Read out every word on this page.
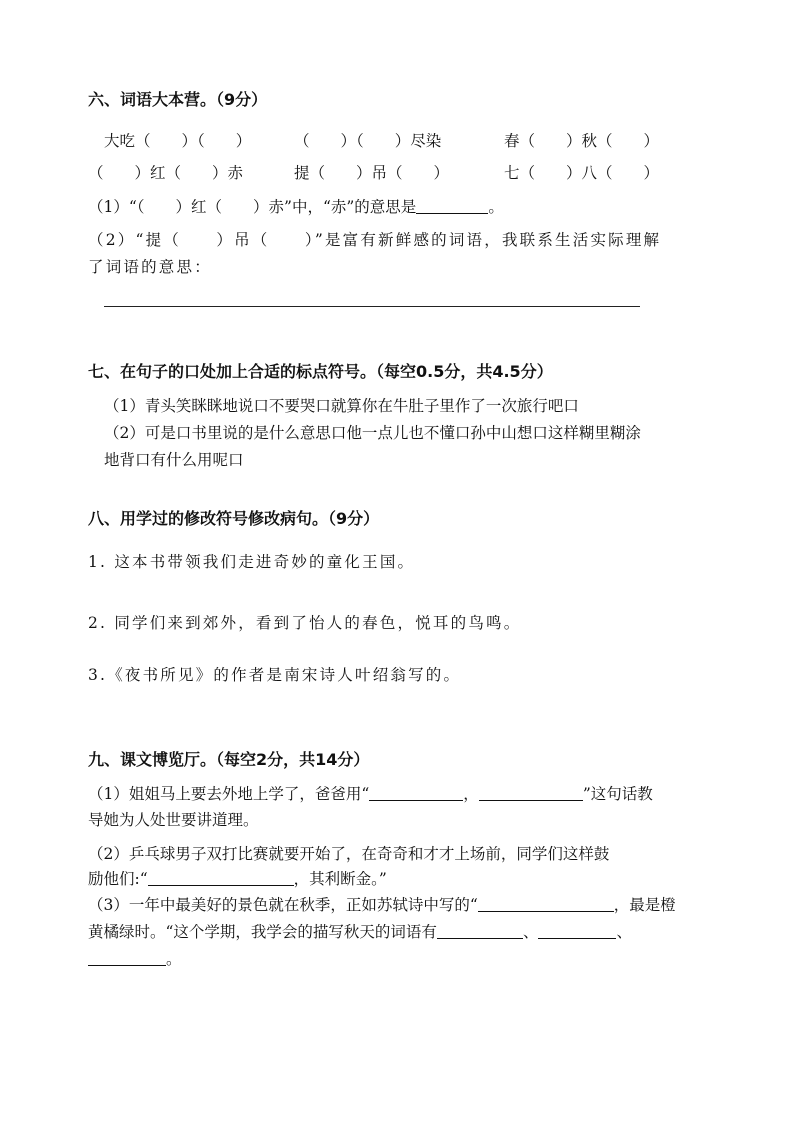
六、词语大本营。（9分）
大吃（　　）（　　）	（　　）（　　）尽染	春（　　）秋（　　）
（　　）红（　　）赤	提（　　）吊（　　）	七（　　）八（　　）
（1）“（　　）红（　　）赤”中，“赤”的意思是	。
（2）“提（　　）吊（　　）”是富有新鲜感的词语，我联系生活实际理解
了词语的意思：
七、在句子的口处加上合适的标点符号。（每空0.5分，共4.5分）
（1）青头笑眯眯地说口不要哭口就算你在牛肚子里作了一次旅行吧口
（2）可是口书里说的是什么意思口他一点儿也不懂口孙中山想口这样糊里糊涂
地背口有什么用呢口
八、用学过的修改符号修改病句。（9分）
1. 这本书带领我们走进奇妙的童化王国。
2. 同学们来到郊外，看到了怡人的春色，悦耳的鸟鸣。
3.《夜书所见》的作者是南宋诗人叶绍翁写的。
九、课文博览厅。（每空2分，共14分）
（1）姐姐马上要去外地上学了，爸爸用“	，	”这句话教
导她为人处世要讲道理。
（2）乒乓球男子双打比赛就要开始了，在奇奇和才才上场前，同学们这样鼓
励他们:“	，其利断金。”
（3）一年中最美好的景色就在秋季，正如苏轼诗中写的“	，最是橙
黄橘绿时。“这个学期，我学会的描写秋天的词语有	、	、
。
